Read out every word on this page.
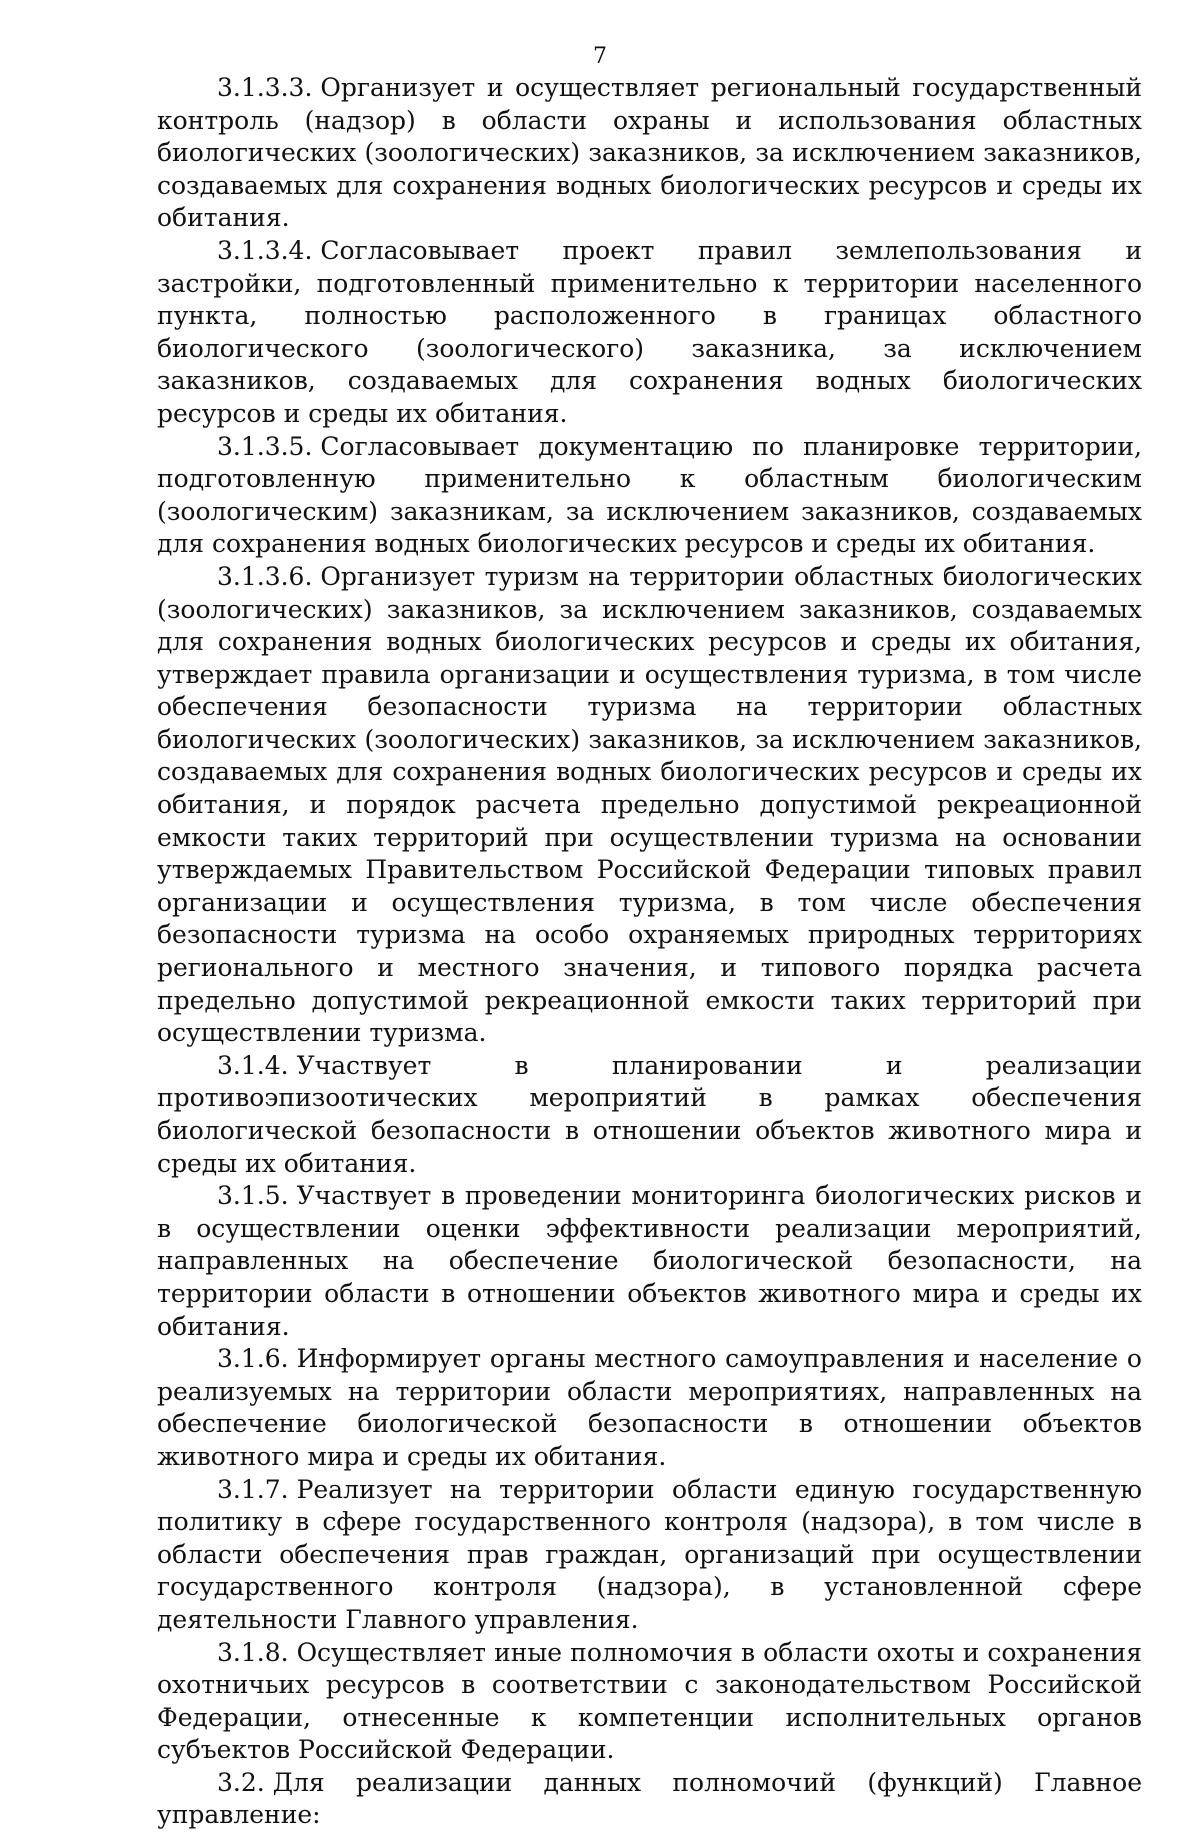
7

3.1.3.3. Организует и осуществляет региональный государственный контроль (надзор) в области охраны и использования областных биологических (зоологических) заказников, за исключением заказников, создаваемых для сохранения водных биологических ресурсов и среды их обитания.

3.1.3.4. Согласовывает проект правил землепользования и застройки, подготовленный применительно к территории населенного пункта, полностью расположенного в границах областного биологического (зоологического) заказника, за исключением заказников, создаваемых для сохранения водных биологических ресурсов и среды их обитания.

3.1.3.5. Согласовывает документацию по планировке территории, подготовленную применительно к областным биологическим (зоологическим) заказникам, за исключением заказников, создаваемых для сохранения водных биологических ресурсов и среды их обитания.

3.1.3.6. Организует туризм на территории областных биологических (зоологических) заказников, за исключением заказников, создаваемых для сохранения водных биологических ресурсов и среды их обитания, утверждает правила организации и осуществления туризма, в том числе обеспечения безопасности туризма на территории областных биологических (зоологических) заказников, за исключением заказников, создаваемых для сохранения водных биологических ресурсов и среды их обитания, и порядок расчета предельно допустимой рекреационной емкости таких территорий при осуществлении туризма на основании утверждаемых Правительством Российской Федерации типовых правил организации и осуществления туризма, в том числе обеспечения безопасности туризма на особо охраняемых природных территориях регионального и местного значения, и типового порядка расчета предельно допустимой рекреационной емкости таких территорий при осуществлении туризма.

3.1.4. Участвует в планировании и реализации противоэпизоотических мероприятий в рамках обеспечения биологической безопасности в отношении объектов животного мира и среды их обитания.

3.1.5. Участвует в проведении мониторинга биологических рисков и в осуществлении оценки эффективности реализации мероприятий, направленных на обеспечение биологической безопасности, на территории области в отношении объектов животного мира и среды их обитания.

3.1.6. Информирует органы местного самоуправления и население о реализуемых на территории области мероприятиях, направленных на обеспечение биологической безопасности в отношении объектов животного мира и среды их обитания.

3.1.7. Реализует на территории области единую государственную политику в сфере государственного контроля (надзора), в том числе в области обеспечения прав граждан, организаций при осуществлении государственного контроля (надзора), в установленной сфере деятельности Главного управления.

3.1.8. Осуществляет иные полномочия в области охоты и сохранения охотничьих ресурсов в соответствии с законодательством Российской Федерации, отнесенные к компетенции исполнительных органов субъектов Российской Федерации.

3.2. Для реализации данных полномочий (функций) Главное управление:
